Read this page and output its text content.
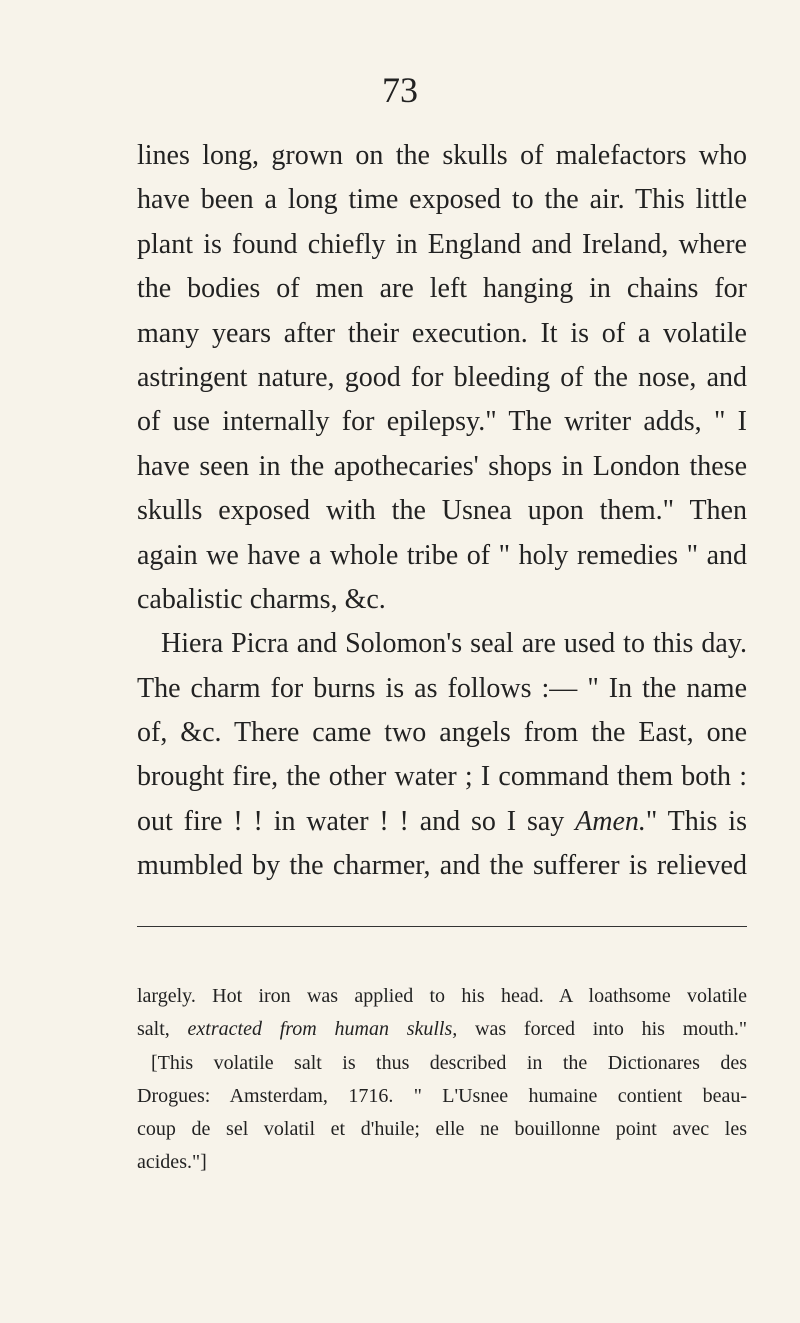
73
lines long, grown on the skulls of malefactors who
have been a long time exposed to the air. This little
plant is found chiefly in England and Ireland, where
the bodies of men are left hanging in chains for
many years after their execution. It is of a volatile
astringent nature, good for bleeding of the nose, and
of use internally for epilepsy." The writer adds, " I
have seen in the apothecaries' shops in London these
skulls exposed with the Usnea upon them." Then
again we have a whole tribe of " holy remedies " and
cabalistic charms, &c.
Hiera Picra and Solomon's seal are used to this day.
The charm for burns is as follows :— " In the name
of, &c. There came two angels from the East, one
brought fire, the other water ; I command them both :
out fire ! ! in water ! ! and so I say Amen." This is
mumbled by the charmer, and the sufferer is relieved
largely. Hot iron was applied to his head. A loathsome volatile
salt, extracted from human skulls, was forced into his mouth."
[This volatile salt is thus described in the Dictionares des
Drogues: Amsterdam, 1716. " L'Usnee humaine contient beau-
coup de sel volatil et d'huile; elle ne bouillonne point avec les
acides."]
